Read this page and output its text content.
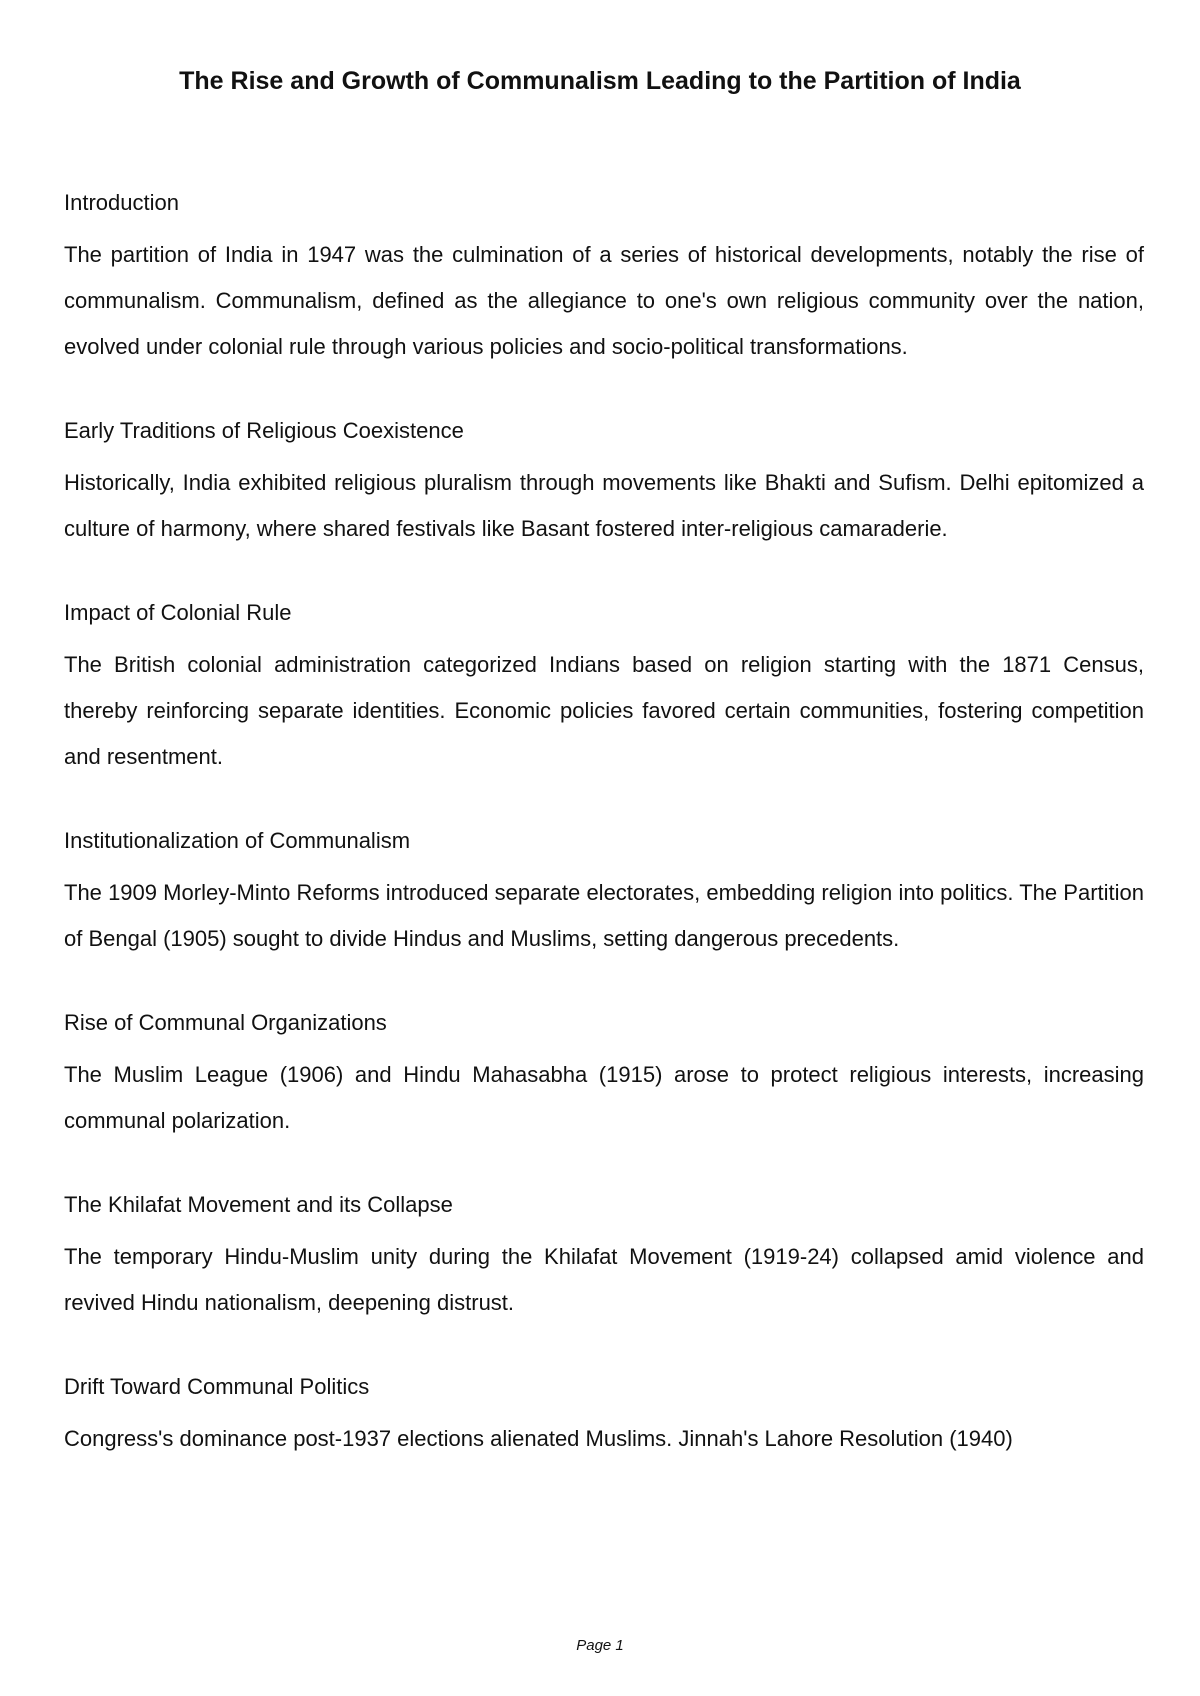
The Rise and Growth of Communalism Leading to the Partition of India
Introduction

The partition of India in 1947 was the culmination of a series of historical developments, notably the rise of communalism. Communalism, defined as the allegiance to one's own religious community over the nation, evolved under colonial rule through various policies and socio-political transformations.

Early Traditions of Religious Coexistence

Historically, India exhibited religious pluralism through movements like Bhakti and Sufism. Delhi epitomized a culture of harmony, where shared festivals like Basant fostered inter-religious camaraderie.

Impact of Colonial Rule

The British colonial administration categorized Indians based on religion starting with the 1871 Census, thereby reinforcing separate identities. Economic policies favored certain communities, fostering competition and resentment.

Institutionalization of Communalism

The 1909 Morley-Minto Reforms introduced separate electorates, embedding religion into politics. The Partition of Bengal (1905) sought to divide Hindus and Muslims, setting dangerous precedents.

Rise of Communal Organizations

The Muslim League (1906) and Hindu Mahasabha (1915) arose to protect religious interests, increasing communal polarization.

The Khilafat Movement and its Collapse

The temporary Hindu-Muslim unity during the Khilafat Movement (1919-24) collapsed amid violence and revived Hindu nationalism, deepening distrust.

Drift Toward Communal Politics

Congress's dominance post-1937 elections alienated Muslims. Jinnah's Lahore Resolution (1940)

Page 1
